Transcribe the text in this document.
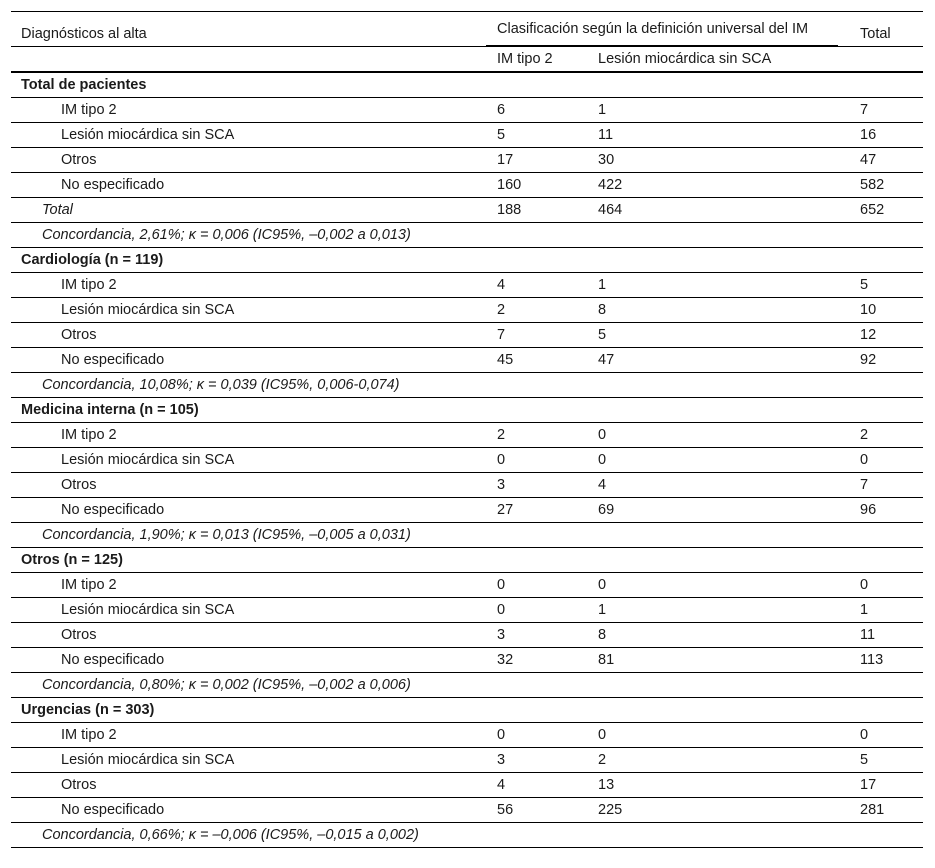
Diagnósticos al alta	Clasificación según la definición universal del IM		Total
	IM tipo 2	Lesión miocárdica sin SCA	
Total de pacientes			
IM tipo 2	6	1	7
Lesión miocárdica sin SCA	5	11	16
Otros	17	30	47
No especificado	160	422	582
Total	188	464	652
Concordancia, 2,61%; κ = 0,006 (IC95%, –0,002 a 0,013)			
Cardiología (n = 119)			
IM tipo 2	4	1	5
Lesión miocárdica sin SCA	2	8	10
Otros	7	5	12
No especificado	45	47	92
Concordancia, 10,08%; κ = 0,039 (IC95%, 0,006-0,074)			
Medicina interna (n = 105)			
IM tipo 2	2	0	2
Lesión miocárdica sin SCA	0	0	0
Otros	3	4	7
No especificado	27	69	96
Concordancia, 1,90%; κ = 0,013 (IC95%, –0,005 a 0,031)			
Otros (n = 125)			
IM tipo 2	0	0	0
Lesión miocárdica sin SCA	0	1	1
Otros	3	8	11
No especificado	32	81	113
Concordancia, 0,80%; κ = 0,002 (IC95%, –0,002 a 0,006)			
Urgencias (n = 303)			
IM tipo 2	0	0	0
Lesión miocárdica sin SCA	3	2	5
Otros	4	13	17
No especificado	56	225	281
Concordancia, 0,66%; κ = –0,006 (IC95%, –0,015 a 0,002)			
